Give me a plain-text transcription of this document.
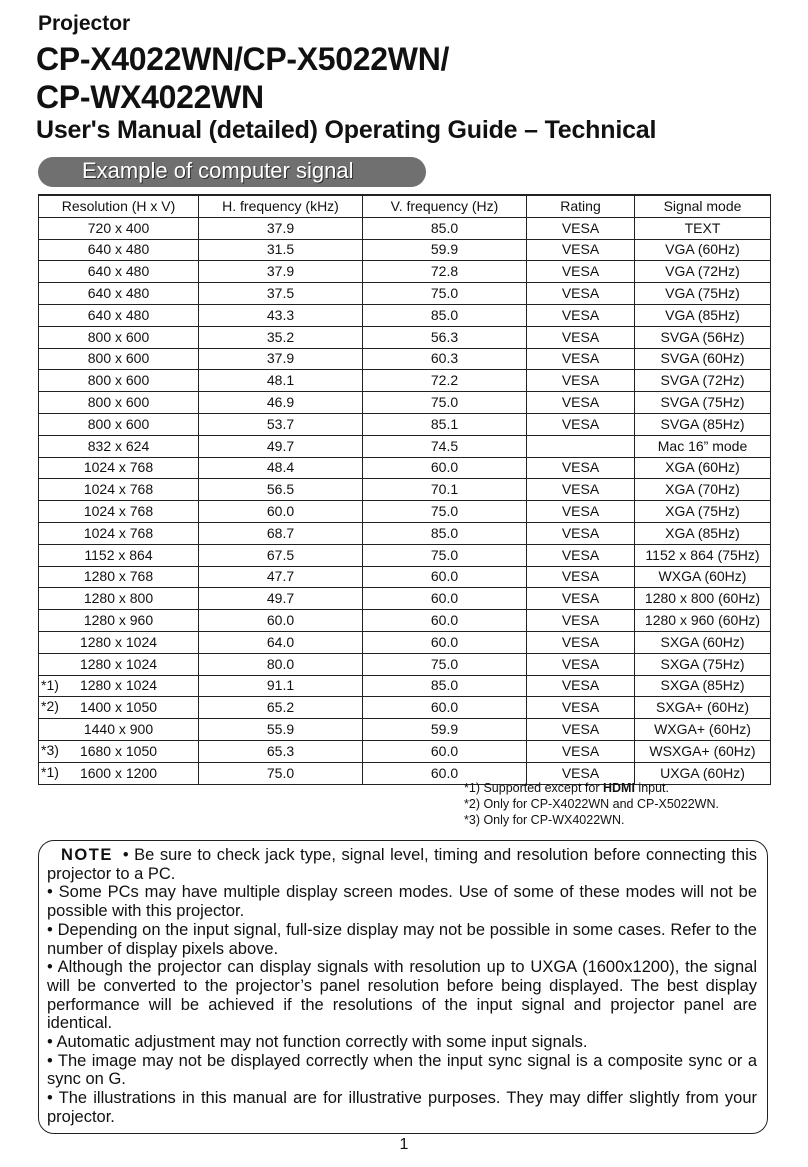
Projector
CP-X4022WN/CP-X5022WN/
CP-WX4022WN
User's Manual (detailed) Operating Guide – Technical
Example of computer signal
Resolution (H x V)	H. frequency (kHz)	V. frequency (Hz)	Rating	Signal mode

720 x 400	37.9	85.0	VESA	TEXT

640 x 480	31.5	59.9	VESA	VGA (60Hz)

640 x 480	37.9	72.8	VESA	VGA (72Hz)

640 x 480	37.5	75.0	VESA	VGA (75Hz)

640 x 480	43.3	85.0	VESA	VGA (85Hz)

800 x 600	35.2	56.3	VESA	SVGA (56Hz)

800 x 600	37.9	60.3	VESA	SVGA (60Hz)

800 x 600	48.1	72.2	VESA	SVGA (72Hz)

800 x 600	46.9	75.0	VESA	SVGA (75Hz)

800 x 600	53.7	85.1	VESA	SVGA (85Hz)

832 x 624	49.7	74.5		Mac 16” mode

1024 x 768	48.4	60.0	VESA	XGA (60Hz)

1024 x 768	56.5	70.1	VESA	XGA (70Hz)

1024 x 768	60.0	75.0	VESA	XGA (75Hz)

1024 x 768	68.7	85.0	VESA	XGA (85Hz)

1152 x 864	67.5	75.0	VESA	1152 x 864 (75Hz)

1280 x 768	47.7	60.0	VESA	WXGA (60Hz)

1280 x 800	49.7	60.0	VESA	1280 x 800 (60Hz)

1280 x 960	60.0	60.0	VESA	1280 x 960 (60Hz)

1280 x 1024	64.0	60.0	VESA	SXGA (60Hz)

1280 x 1024	80.0	75.0	VESA	SXGA (75Hz)

*1) 1280 x 1024	91.1	85.0	VESA	SXGA (85Hz)

*2) 1400 x 1050	65.2	60.0	VESA	SXGA+ (60Hz)

1440 x 900	55.9	59.9	VESA	WXGA+ (60Hz)

*3) 1680 x 1050	65.3	60.0	VESA	WSXGA+ (60Hz)

*1) 1600 x 1200	75.0	60.0	VESA	UXGA (60Hz)
*1) Supported except for HDMI input.
*2) Only for CP-X4022WN and CP-X5022WN.
*3) Only for CP-WX4022WN.

NOTE • Be sure to check jack type, signal level, timing and resolution before connecting this projector to a PC.

• Some PCs may have multiple display screen modes. Use of some of these modes will not be possible with this projector.

• Depending on the input signal, full-size display may not be possible in some cases. Refer to the number of display pixels above.

• Although the projector can display signals with resolution up to UXGA (1600x1200), the signal will be converted to the projector’s panel resolution before being displayed. The best display performance will be achieved if the resolutions of the input signal and projector panel are identical.

• Automatic adjustment may not function correctly with some input signals.

• The image may not be displayed correctly when the input sync signal is a composite sync or a sync on G.

• The illustrations in this manual are for illustrative purposes. They may differ slightly from your projector.

1
